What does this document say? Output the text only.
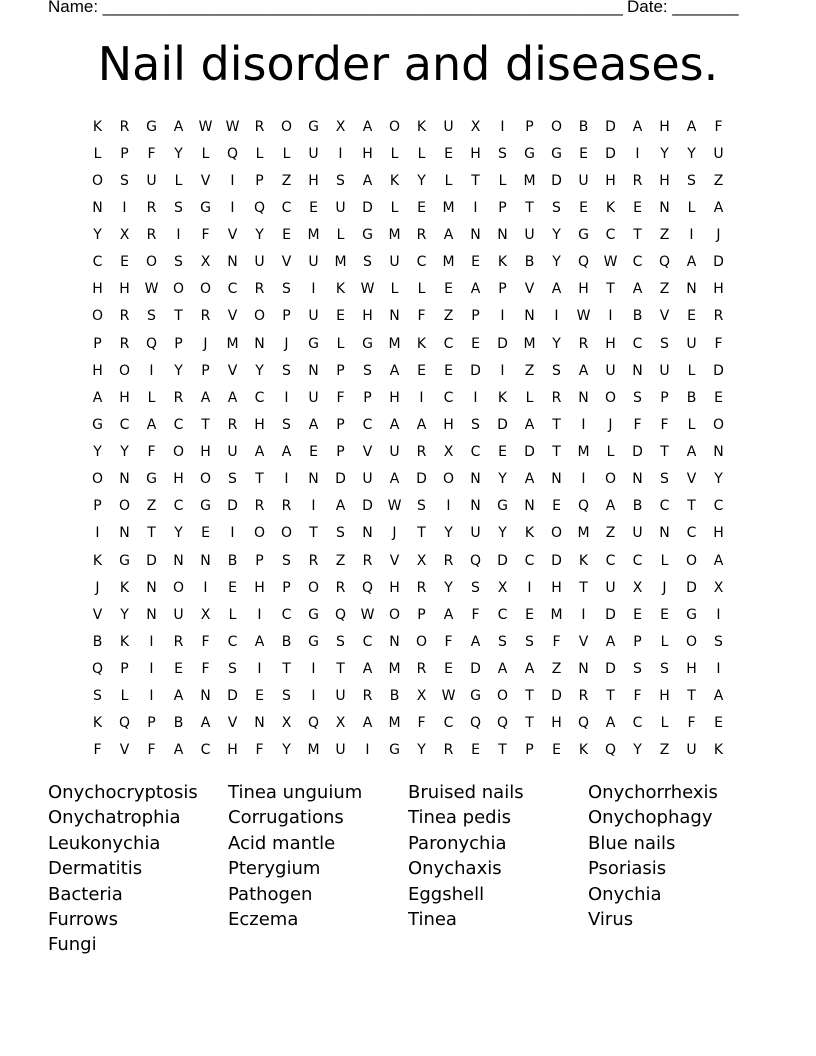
Name: _______________________________________________________ Date: _______
Nail disorder and diseases.
K	R	G	A	W W	R	O	G	X	A	O	K	U	X	I	P	O	B	D	A	H	A	F
L	P	F	Y	L	Q	L	L	U	I	H	L	L	E	H	S	G	G	E	D	I	Y	Y	U
O	S	U	L	V	I	P	Z	H	S	A	K	Y	L	T	L	M	D	U	H	R	H	S	Z
N	I	R	S	G	I	Q	C	E	U	D	L	E	M	I	P	T	S	E	K	E	N	L	A
Y	X	R	I	F	V	Y	E	M	L	G	M	R	A	N	N	U	Y	G	C	T	Z	I	J
C	E	O	S	X	N	U	V	U	M	S	U	C	M	E	K	B	Y	Q	W	C	Q	A	D
H	H	W	O	O	C	R	S	I	K	W	L	L	E	A	P	V	A	H	T	A	Z	N	H
O	R	S	T	R	V	O	P	U	E	H	N	F	Z	P	I	N	I	W	I	B	V	E	R
P	R	Q	P	J	M	N	J	G	L	G	M	K	C	E	D	M	Y	R	H	C	S	U	F
H	O	I	Y	P	V	Y	S	N	P	S	A	E	E	D	I	Z	S	A	U	N	U	L	D
A	H	L	R	A	A	C	I	U	F	P	H	I	C	I	K	L	R	N	O	S	P	B	E
G	C	A	C	T	R	H	S	A	P	C	A	A	H	S	D	A	T	I	J	F	F	L	O
Y	Y	F	O	H	U	A	A	E	P	V	U	R	X	C	E	D	T	M	L	D	T	A	N
O	N	G	H	O	S	T	I	N	D	U	A	D	O	N	Y	A	N	I	O	N	S	V	Y
P	O	Z	C	G	D	R	R	I	A	D	W	S	I	N	G	N	E	Q	A	B	C	T	C
I	N	T	Y	E	I	O	O	T	S	N	J	T	Y	U	Y	K	O	M	Z	U	N	C	H
K	G	D	N	N	B	P	S	R	Z	R	V	X	R	Q	D	C	D	K	C	C	L	O	A
J	K	N	O	I	E	H	P	O	R	Q	H	R	Y	S	X	I	H	T	U	X	J	D	X
V	Y	N	U	X	L	I	C	G	Q	W	O	P	A	F	C	E	M	I	D	E	E	G	I
B	K	I	R	F	C	A	B	G	S	C	N	O	F	A	S	S	F	V	A	P	L	O	S
Q	P	I	E	F	S	I	T	I	T	A	M	R	E	D	A	A	Z	N	D	S	S	H	I
S	L	I	A	N	D	E	S	I	U	R	B	X	W	G	O	T	D	R	T	F	H	T	A
K	Q	P	B	A	V	N	X	Q	X	A	M	F	C	Q	Q	T	H	Q	A	C	L	F	E
F	V	F	A	C	H	F	Y	M	U	I	G	Y	R	E	T	P	E	K	Q	Y	Z	U	K
Onychocryptosis	Tinea unguium	Bruised nails	Onychorrhexis
Onychatrophia	Corrugations	Tinea pedis	Onychophagy
Leukonychia	Acid mantle	Paronychia	Blue nails
Dermatitis	Pterygium	Onychaxis	Psoriasis
Bacteria	Pathogen	Eggshell	Onychia
Furrows	Eczema	Tinea	Virus
Fungi
